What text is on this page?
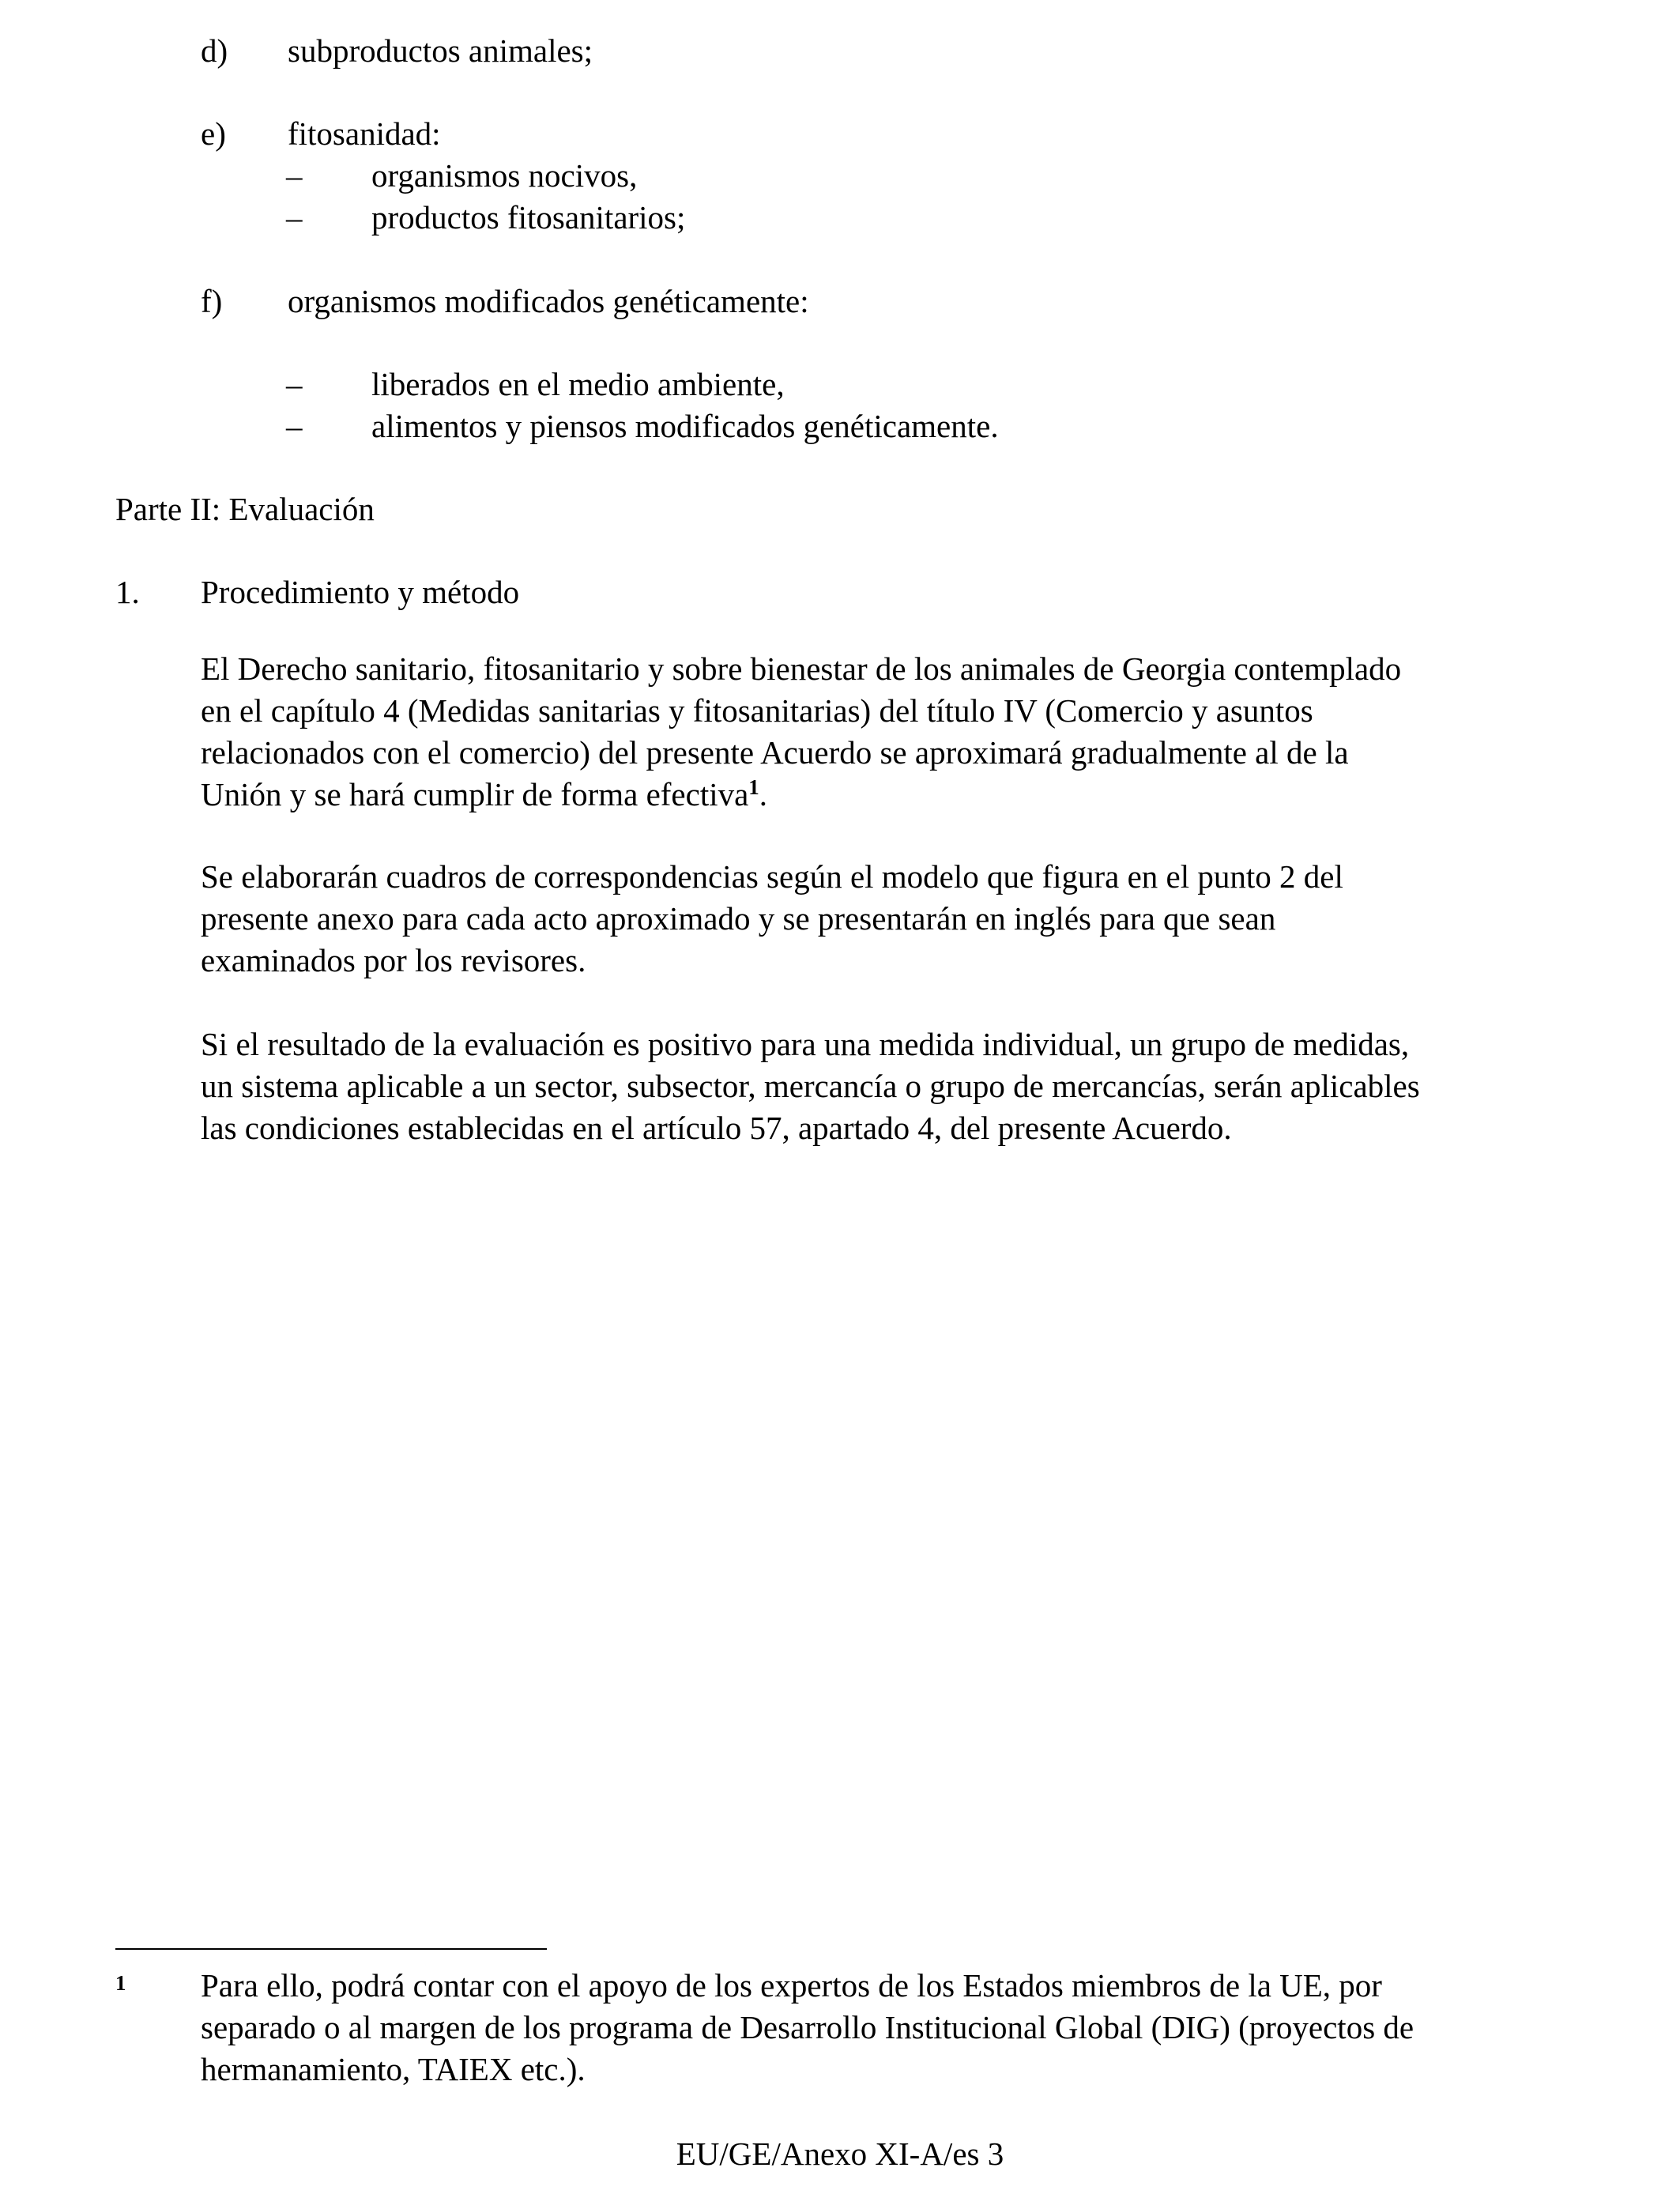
d) subproductos animales;
e) fitosanidad:
– organismos nocivos,
– productos fitosanitarios;
f) organismos modificados genéticamente:
– liberados en el medio ambiente,
– alimentos y piensos modificados genéticamente.
Parte II: Evaluación
1. Procedimiento y método
El Derecho sanitario, fitosanitario y sobre bienestar de los animales de Georgia contemplado
en el capítulo 4 (Medidas sanitarias y fitosanitarias) del título IV (Comercio y asuntos
relacionados con el comercio) del presente Acuerdo se aproximará gradualmente al de la
Unión y se hará cumplir de forma efectiva$^1$.
Se elaborarán cuadros de correspondencias según el modelo que figura en el punto 2 del
presente anexo para cada acto aproximado y se presentarán en inglés para que sean
examinados por los revisores.
Si el resultado de la evaluación es positivo para una medida individual, un grupo de medidas,
un sistema aplicable a un sector, subsector, mercancía o grupo de mercancías, serán aplicables
las condiciones establecidas en el artículo 57, apartado 4, del presente Acuerdo.
1 Para ello, podrá contar con el apoyo de los expertos de los Estados miembros de la UE, por
separado o al margen de los programa de Desarrollo Institucional Global (DIG) (proyectos de
hermanamiento, TAIEX etc.).
EU/GE/Anexo XI-A/es 3
